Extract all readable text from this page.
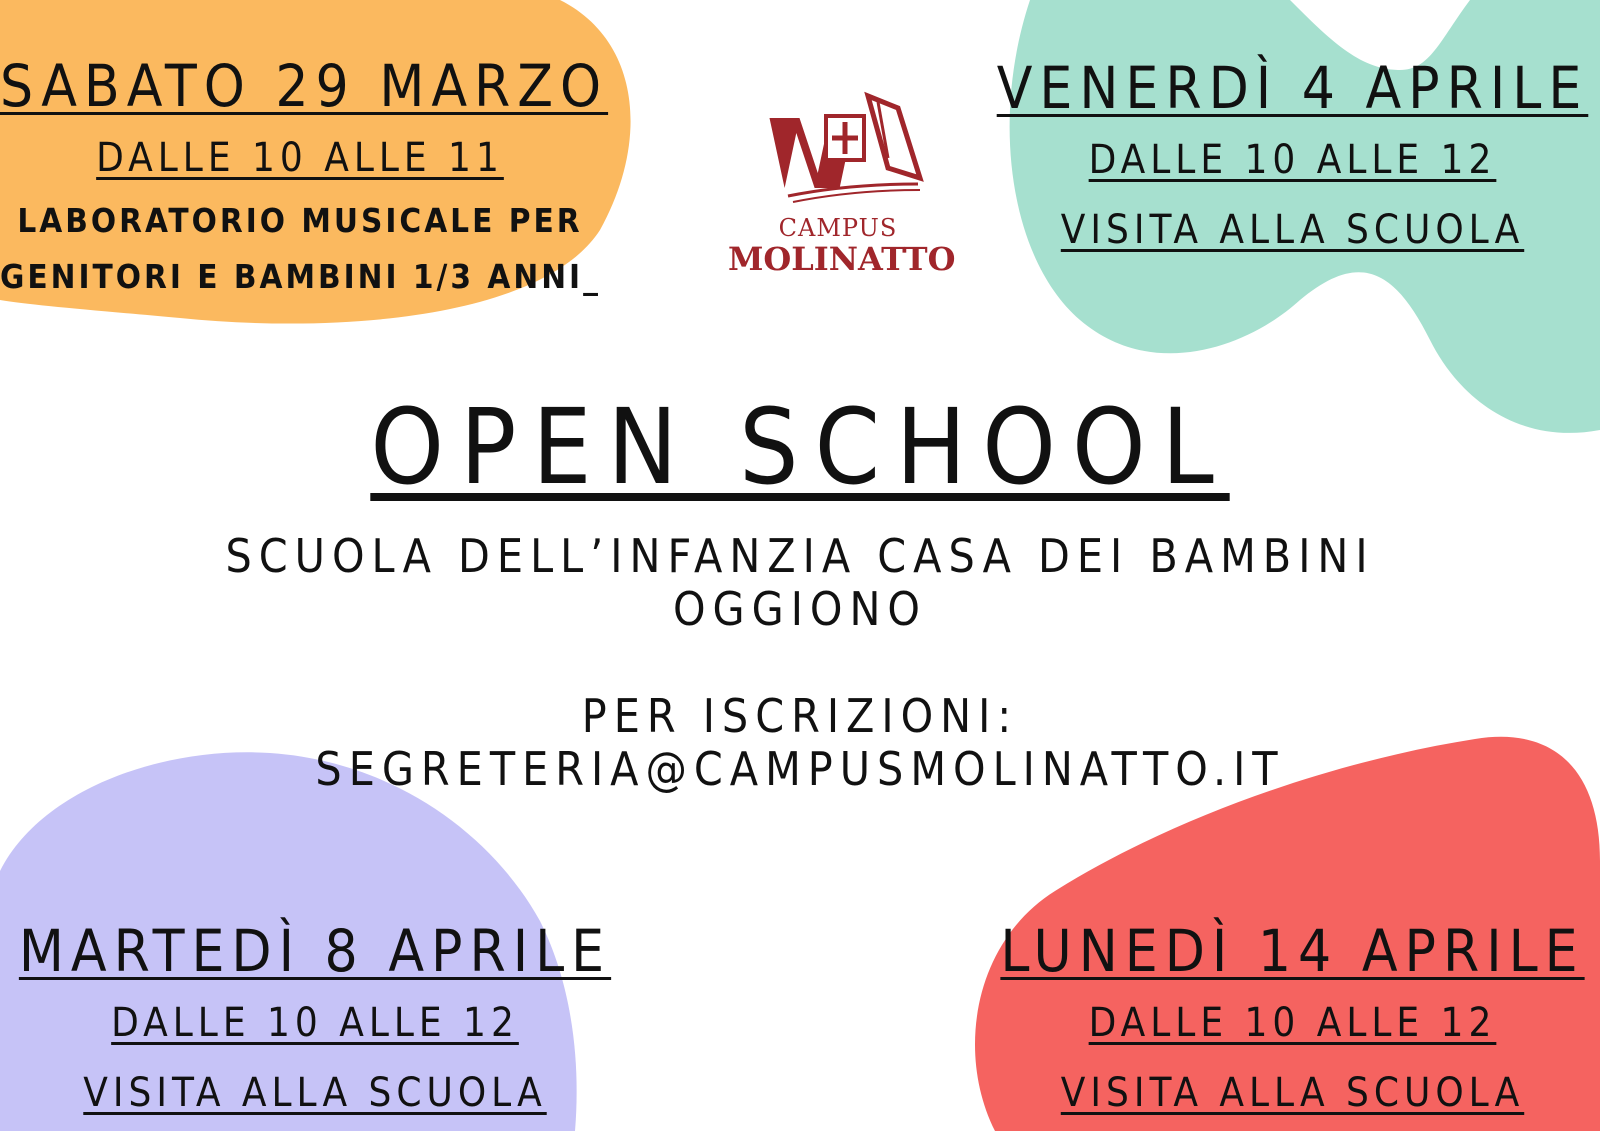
CAMPUS
MOLINATTO
SABATO 29 MARZO
DALLE 10 ALLE 11
LABORATORIO MUSICALE PER
GENITORI E BAMBINI 1/3 ANNI_
VENERDÌ 4 APRILE
DALLE 10 ALLE 12
VISITA ALLA SCUOLA
OPEN SCHOOL
SCUOLA DELL’INFANZIA CASA DEI BAMBINI
OGGIONO
PER ISCRIZIONI:
SEGRETERIA@CAMPUSMOLINATTO.IT
MARTEDÌ 8 APRILE
DALLE 10 ALLE 12
VISITA ALLA SCUOLA
LUNEDÌ 14 APRILE
DALLE 10 ALLE 12
VISITA ALLA SCUOLA
